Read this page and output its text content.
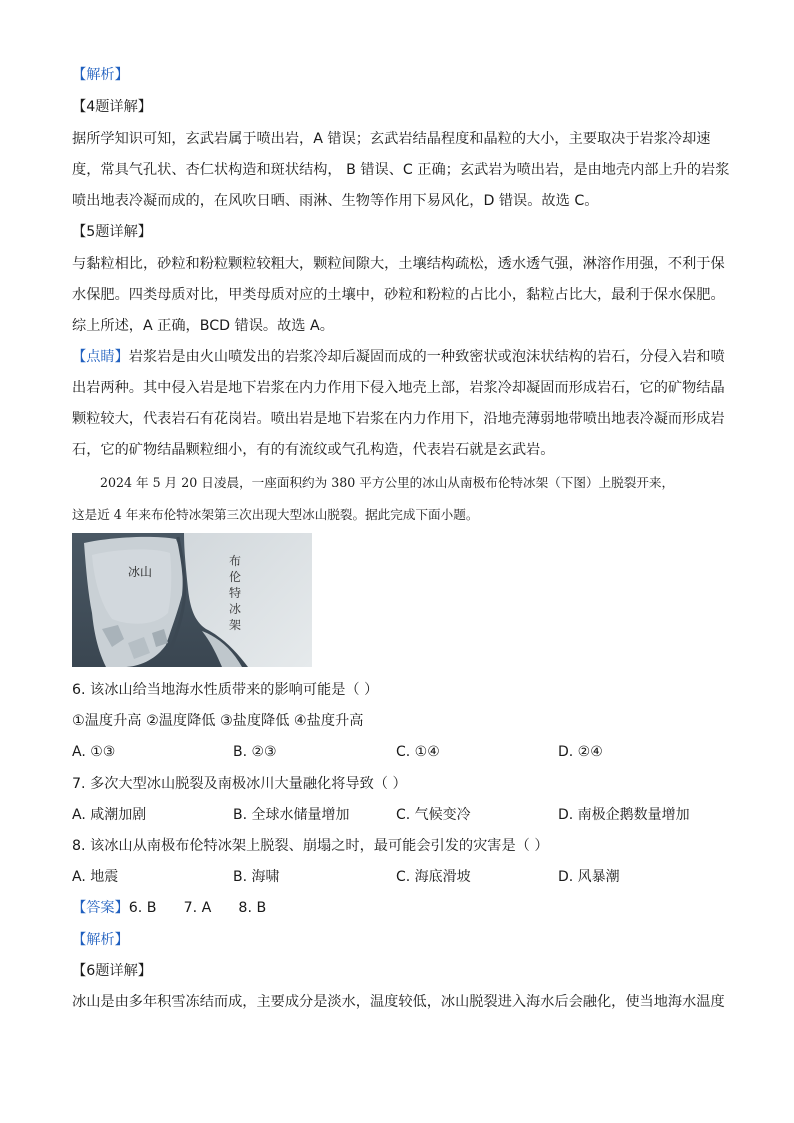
【解析】
【4题详解】
据所学知识可知，玄武岩属于喷出岩，A 错误；玄武岩结晶程度和晶粒的大小，主要取决于岩浆冷却速
度，常具气孔状、杏仁状构造和斑状结构， B 错误、C 正确；玄武岩为喷出岩，是由地壳内部上升的岩浆
喷出地表冷凝而成的，在风吹日晒、雨淋、生物等作用下易风化，D 错误。故选 C。
【5题详解】
与黏粒相比，砂粒和粉粒颗粒较粗大，颗粒间隙大，土壤结构疏松，透水透气强，淋溶作用强，不利于保
水保肥。四类母质对比，甲类母质对应的土壤中，砂粒和粉粒的占比小，黏粒占比大，最利于保水保肥。
综上所述，A 正确，BCD 错误。故选 A。
【点睛】岩浆岩是由火山喷发出的岩浆冷却后凝固而成的一种致密状或泡沫状结构的岩石，分侵入岩和喷
出岩两种。其中侵入岩是地下岩浆在内力作用下侵入地壳上部，岩浆冷却凝固而形成岩石，它的矿物结晶
颗粒较大，代表岩石有花岗岩。喷出岩是地下岩浆在内力作用下，沿地壳薄弱地带喷出地表冷凝而形成岩
石，它的矿物结晶颗粒细小，有的有流纹或气孔构造，代表岩石就是玄武岩。
2024 年 5 月 20 日凌晨，一座面积约为 380 平方公里的冰山从南极布伦特冰架（下图）上脱裂开来，
这是近 4 年来布伦特冰架第三次出现大型冰山脱裂。据此完成下面小题。
冰山
布
伦
特
冰
架
6. 该冰山给当地海水性质带来的影响可能是（ ）
①温度升高 ②温度降低 ③盐度降低 ④盐度升高
A. ①③	B. ②③	C. ①④	D. ②④
7. 多次大型冰山脱裂及南极冰川大量融化将导致（ ）
A. 咸潮加剧	B. 全球水储量增加	C. 气候变冷	D. 南极企鹅数量增加
8. 该冰山从南极布伦特冰架上脱裂、崩塌之时，最可能会引发的灾害是（ ）
A. 地震	B. 海啸	C. 海底滑坡	D. 风暴潮
【答案】6. B      7. A      8. B
【解析】
【6题详解】
冰山是由多年积雪冻结而成，主要成分是淡水，温度较低，冰山脱裂进入海水后会融化，使当地海水温度
